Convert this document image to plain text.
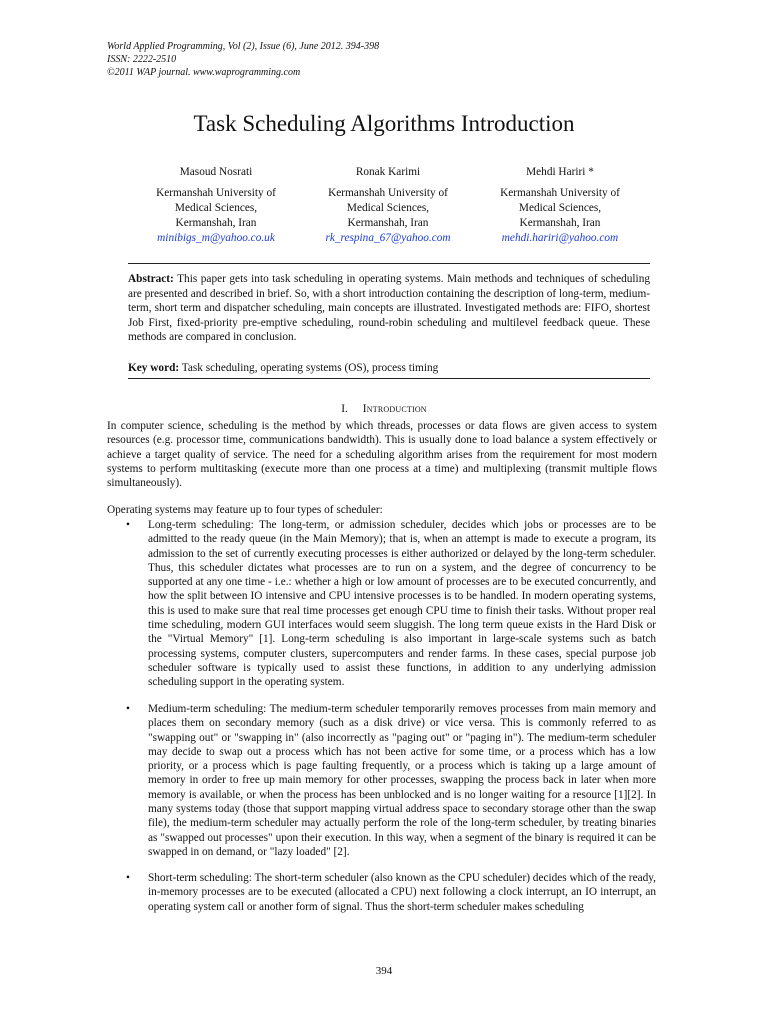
World Applied Programming, Vol (2), Issue (6), June 2012. 394-398
ISSN: 2222-2510
©2011 WAP journal. www.waprogramming.com
Task Scheduling Algorithms Introduction
Masoud Nosrati
Kermanshah University of
Medical Sciences,
Kermanshah, Iran
minibigs_m@yahoo.co.uk
Ronak Karimi
Kermanshah University of
Medical Sciences,
Kermanshah, Iran
rk_respina_67@yahoo.com
Mehdi Hariri *
Kermanshah University of
Medical Sciences,
Kermanshah, Iran
mehdi.hariri@yahoo.com
Abstract: This paper gets into task scheduling in operating systems. Main methods and techniques of scheduling are presented and described in brief. So, with a short introduction containing the description of long-term, medium-term, short term and dispatcher scheduling, main concepts are illustrated. Investigated methods are: FIFO, shortest Job First, fixed-priority pre-emptive scheduling, round-robin scheduling and multilevel feedback queue. These methods are compared in conclusion.
Key word: Task scheduling, operating systems (OS), process timing
I. Introduction
In computer science, scheduling is the method by which threads, processes or data flows are given access to system resources (e.g. processor time, communications bandwidth). This is usually done to load balance a system effectively or achieve a target quality of service. The need for a scheduling algorithm arises from the requirement for most modern systems to perform multitasking (execute more than one process at a time) and multiplexing (transmit multiple flows simultaneously).
Operating systems may feature up to four types of scheduler:
• Long-term scheduling: The long-term, or admission scheduler, decides which jobs or processes are to be admitted to the ready queue (in the Main Memory); that is, when an attempt is made to execute a program, its admission to the set of currently executing processes is either authorized or delayed by the long-term scheduler. Thus, this scheduler dictates what processes are to run on a system, and the degree of concurrency to be supported at any one time - i.e.: whether a high or low amount of processes are to be executed concurrently, and how the split between IO intensive and CPU intensive processes is to be handled. In modern operating systems, this is used to make sure that real time processes get enough CPU time to finish their tasks. Without proper real time scheduling, modern GUI interfaces would seem sluggish. The long term queue exists in the Hard Disk or the "Virtual Memory" [1]. Long-term scheduling is also important in large-scale systems such as batch processing systems, computer clusters, supercomputers and render farms. In these cases, special purpose job scheduler software is typically used to assist these functions, in addition to any underlying admission scheduling support in the operating system.
• Medium-term scheduling: The medium-term scheduler temporarily removes processes from main memory and places them on secondary memory (such as a disk drive) or vice versa. This is commonly referred to as "swapping out" or "swapping in" (also incorrectly as "paging out" or "paging in"). The medium-term scheduler may decide to swap out a process which has not been active for some time, or a process which has a low priority, or a process which is page faulting frequently, or a process which is taking up a large amount of memory in order to free up main memory for other processes, swapping the process back in later when more memory is available, or when the process has been unblocked and is no longer waiting for a resource [1][2]. In many systems today (those that support mapping virtual address space to secondary storage other than the swap file), the medium-term scheduler may actually perform the role of the long-term scheduler, by treating binaries as "swapped out processes" upon their execution. In this way, when a segment of the binary is required it can be swapped in on demand, or "lazy loaded" [2].
• Short-term scheduling: The short-term scheduler (also known as the CPU scheduler) decides which of the ready, in-memory processes are to be executed (allocated a CPU) next following a clock interrupt, an IO interrupt, an operating system call or another form of signal. Thus the short-term scheduler makes scheduling
394
